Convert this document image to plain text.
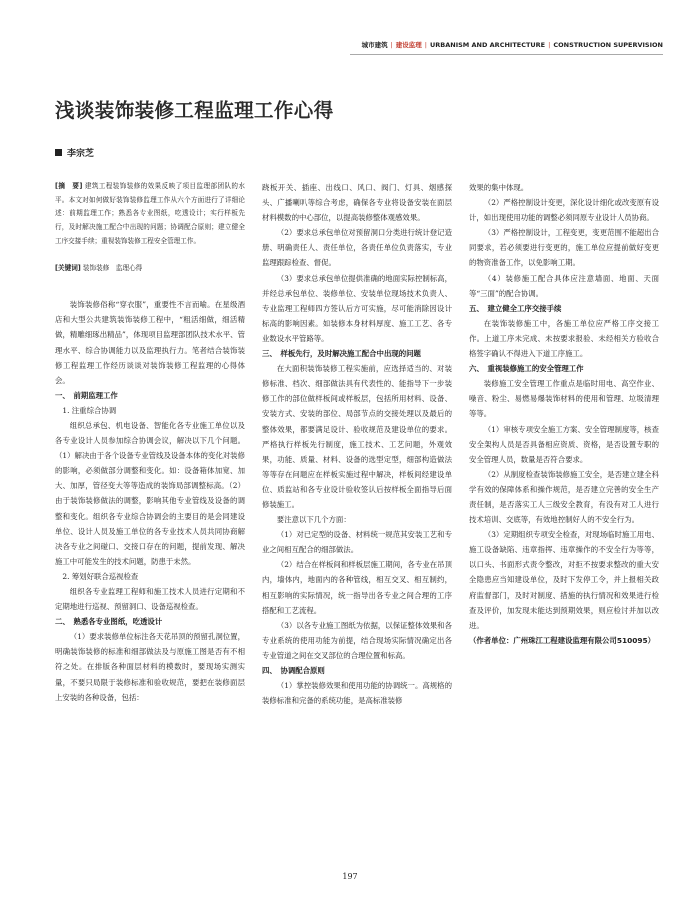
城市建筑 | 建设监理 | URBANISM AND ARCHITECTURE | CONSTRUCTION SUPERVISION
浅谈装饰装修工程监理工作心得
李宗芝
[摘　要] 建筑工程装饰装修的效果反映了项目监理部团队的水平。本文对如何做好装饰装修监理工作从六个方面进行了详细论述：前期监理工作；熟悉各专业图纸，吃透设计；实行样板先行，及时解决施工配合中出现的问题；协调配合原则；建立健全工序交接手续；重视装饰装修工程安全管理工作。
[关键词] 装饰装修　监理心得

装饰装修俗称“穿衣服”，重要性不言而喻。在星级酒店和大型公共建筑装饰装修工程中，“粗活细做，细活精做，精雕细琢出精品”，体现项目监理部团队技术水平、管理水平、综合协调能力以及监理执行力。笔者结合装饰装修工程监理工作经历谈谈对装饰装修工程监理的心得体会。

一、　前期监理工作
1. 注重综合协调

组织总承包、机电设备、智能化各专业施工单位以及各专业设计人员参加综合协调会议，解决以下几个问题。（1）解决由于各个设备专业管线及设备本体的变化对装修的影响，必须做部分调整和变化。如：设备箱体加宽、加大、加厚，管径变大等等造成的装饰局部调整标高。（2）由于装饰装修做法的调整，影响其他专业管线及设备的调整和变化。组织各专业综合协调会的主要目的是会同建设单位、设计人员及施工单位的各专业技术人员共同协商解决各专业之间碰口、交接口存在的问题，提前发现、解决施工中可能发生的技术问题，防患于未然。

2. 筹划好联合巡视检查

组织各专业监理工程师和施工技术人员进行定期和不定期地进行巡视、预留洞口、设备巡视检查。

二、　熟悉各专业图纸，吃透设计

（1）要求装修单位标注各天花吊顶的预留孔洞位置，明确装饰装修的标准和细部做法及与原施工图是否有不相符之处。在排版各种面层材料的模数时，要现场实测实量，不要只局限于装修标准和验收规范，要把在装修面层上安装的各种设备，包括：

跷板开关、插座、出线口、风口、阀门、灯具、烟感探头、广播喇叭等综合考虑，确保各专业将设备安装在面层材料模数的中心部位，以提高装修整体观感效果。

（2）要求总承包单位对预留洞口分类进行统计登记造册、明确责任人、责任单位，各责任单位负责落实，专业监理跟踪检查、督促。

（3）要求总承包单位提供准确的地面实际控制标高，并经总承包单位、装修单位、安装单位现场技术负责人、专业监理工程师四方签认后方可实施，尽可能消除因设计标高的影响因素。如装修本身材料厚度、施工工艺、各专业数设水平管路等。

三、　样板先行，及时解决施工配合中出现的问题

在大面积装饰装修工程实施前，应选择适当的、对装修标准、档次、细部做法具有代表性的、能指导下一步装修工作的部位做样板间或样板层，包括所用材料、设备、安装方式、安装的部位、局部节点的交接处理以及最后的整体效果，都要满足设计、验收规范及建设单位的要求。严格执行样板先行制度，施工技术、工艺问题，外观效果，功能、质量、材料、设备的选型定型，细部构造做法等等存在问题应在样板实施过程中解决，样板间经建设单位、质监站和各专业设计验收签认后按样板全面指导后面修装施工。

要注意以下几个方面：

（1）对已定型的设备、材料统一规范其安装工艺和专业之间相互配合的细部做法。

（2）结合在样板间和样板层施工期间，各专业在吊顶内，墙体内，地面内的各种管线，相互交叉、相互制约，相互影响的实际情况，统一指导出各专业之间合理的工序搭配和工艺流程。

（3）以各专业施工图纸为依据，以保证整体效果和各专业系统的使用功能为前提，结合现场实际情况确定出各专业管道之间在交叉部位的合理位置和标高。

四、　协调配合原则

（1）掌控装修效果和使用功能的协调统一。高规格的装修标准和完备的系统功能，是高标准装修

效果的集中体现。

（2）严格控制设计变更，深化设计细化或改变原有设计，如出现使用功能的调整必须同原专业设计人员协商。

（3）严格控制设计，工程变更，变更范围不能超出合同要求，若必须要进行变更的，施工单位应提前做好变更的物资准备工作，以免影响工期。

（4）装修施工配合具体应注意墙面、地面、天面等“三面”的配合协调。

五、　建立健全工序交接手续

在装饰装修施工中，各施工单位应严格工序交接工作。上道工序未完成、未按要求报验、未经相关方验收合格签字确认不得进入下道工序施工。

六、　重视装修施工的安全管理工作

装修施工安全管理工作重点是临时用电、高空作业、噪音、粉尘、易燃易爆装饰材料的使用和管理、垃圾清理等等。

（1）审核专项安全施工方案、安全管理制度等，核查安全架构人员是否具备相应资质、资格，是否设置专职的安全管理人员，数量是否符合要求。

（2）从制度检查装饰装修施工安全，是否建立建全科学有效的保障体系和操作规范，是否建立完善的安全生产责任制，是否落实工人三级安全教育，有没有对工人进行技术培训、交底等，有效地控制好人的不安全行为。

（3）定期组织专项安全检查，对现场临时施工用电、施工设备缺陷、违章指挥、违章操作的不安全行为等等，以口头、书面形式责令整改，对拒不按要求整改的重大安全隐患应当知建设单位，及时下发停工令，并上报相关政府监督部门，及时对制度、措施的执行情况和效果进行检查及评价，加发现未能达到预期效果，则应检讨并加以改进。

（作者单位：广州珠江工程建设监理有限公司510095）

197
